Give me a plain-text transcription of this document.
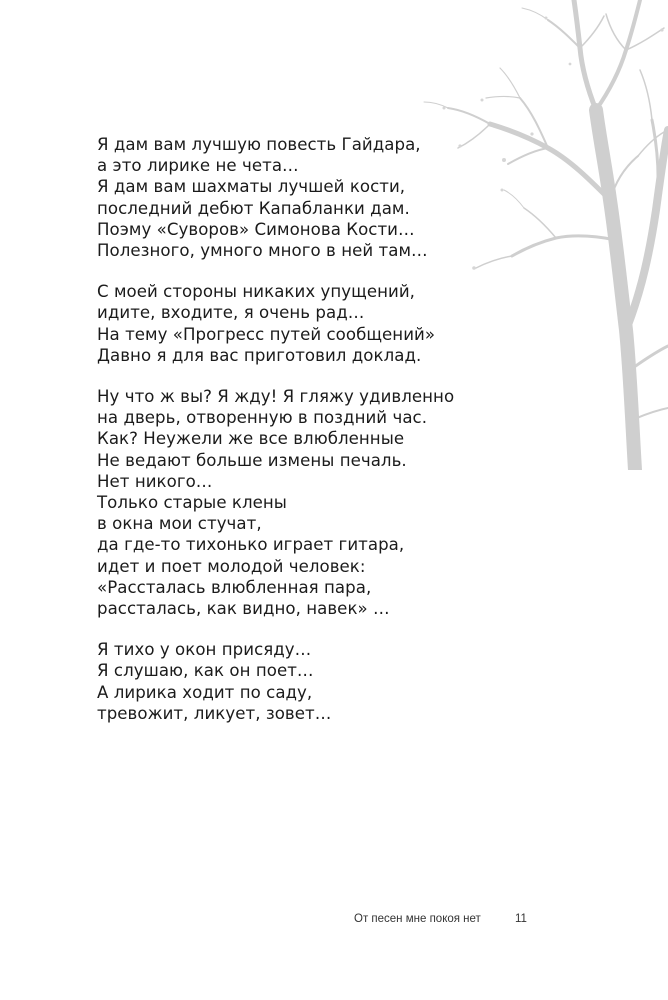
Я дам вам лучшую повесть Гайдара,
а это лирике не чета…
Я дам вам шахматы лучшей кости,
последний дебют Капабланки дам.
Поэму «Суворов» Симонова Кости…
Полезного, умного много в ней там…
С моей стороны никаких упущений,
идите, входите, я очень рад…
На тему «Прогресс путей сообщений»
Давно я для вас приготовил доклад.
Ну что ж вы? Я жду! Я гляжу удивленно
на дверь, отворенную в поздний час.
Как? Неужели же все влюбленные
Не ведают больше измены печаль.
Нет никого…
Только старые клены
в окна мои стучат,
да где-то тихонько играет гитара,
идет и поет молодой человек:
«Рассталась влюбленная пара,
рассталась, как видно, навек» …
Я тихо у окон присяду…
Я слушаю, как он поет…
А лирика ходит по саду,
тревожит, ликует, зовет…
От песен мне покоя нет	11
